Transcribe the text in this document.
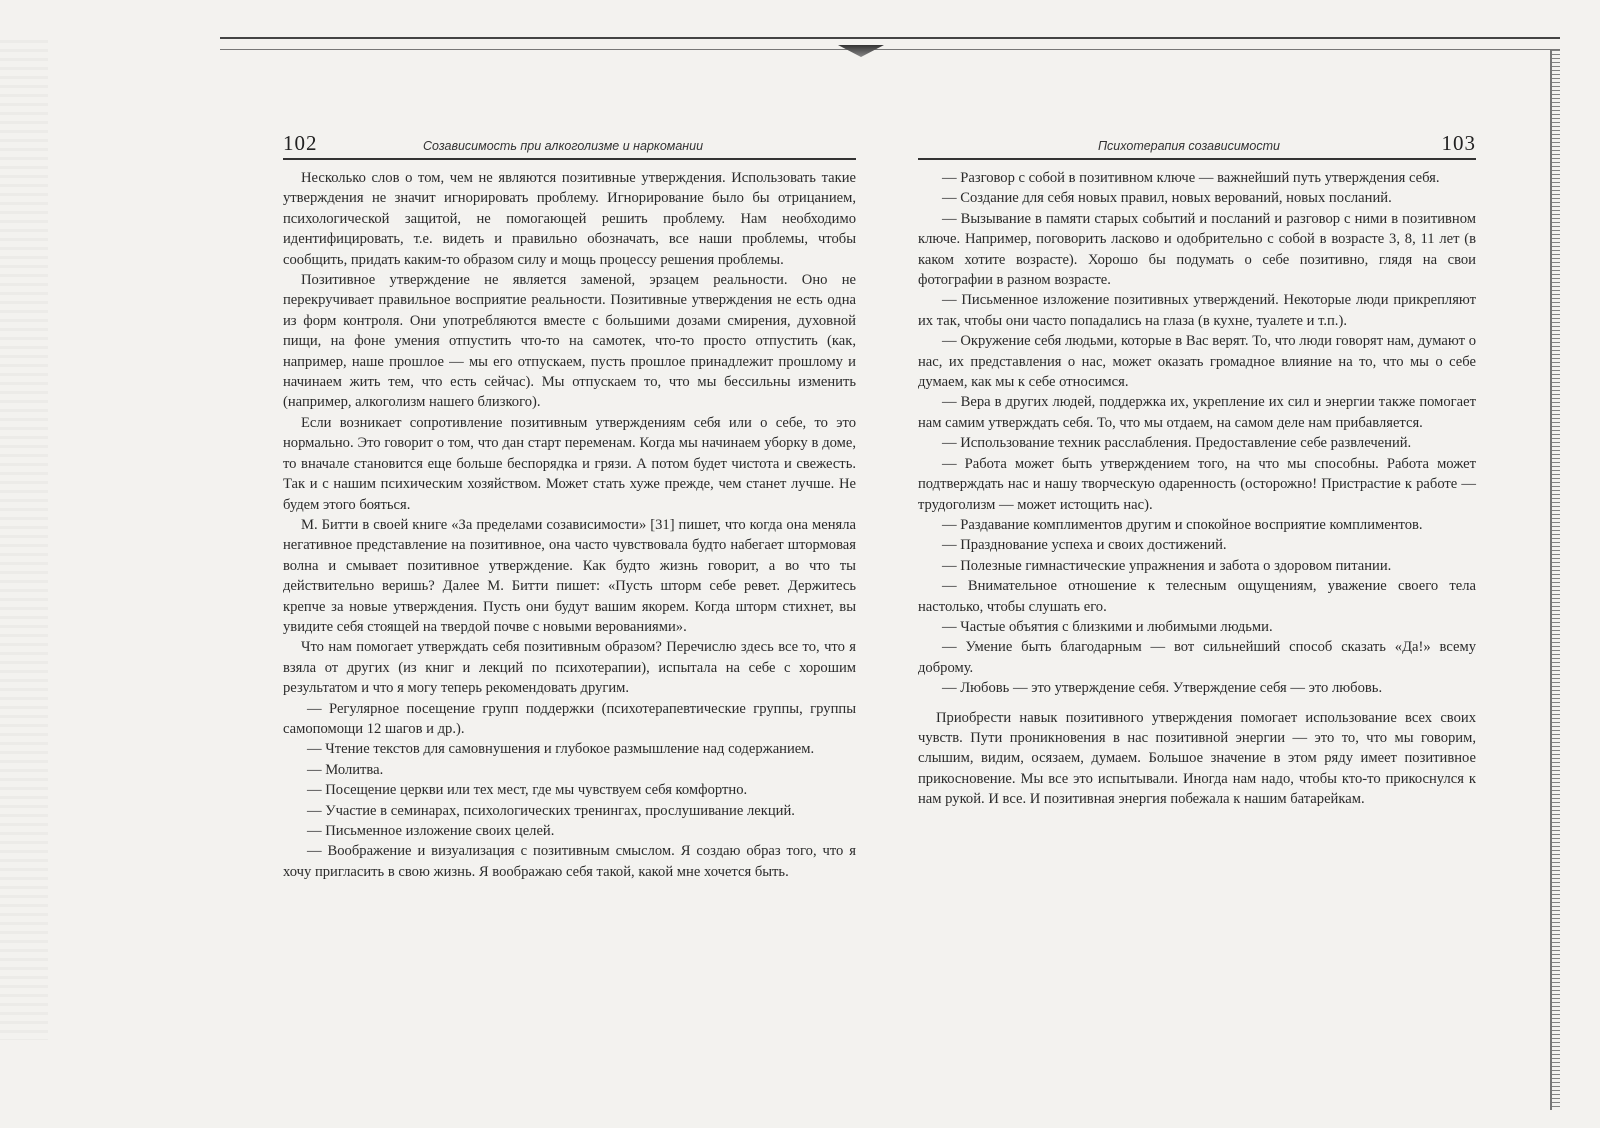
102	Созависимость при алкоголизме и наркомании

Несколько слов о том, чем не являются позитивные утверждения. Использовать такие утверждения не значит игнорировать проблему. Игнорирование было бы отрицанием, психологической защитой, не помогающей решить проблему. Нам необходимо идентифицировать, т.е. видеть и правильно обозначать, все наши проблемы, чтобы сообщить, придать каким-то образом силу и мощь процессу решения проблемы.

Позитивное утверждение не является заменой, эрзацем реальности. Оно не перекручивает правильное восприятие реальности. Позитивные утверждения не есть одна из форм контроля. Они употребляются вместе с большими дозами смирения, духовной пищи, на фоне умения отпустить что-то на самотек, что-то просто отпустить (как, например, наше прошлое — мы его отпускаем, пусть прошлое принадлежит прошлому и начинаем жить тем, что есть сейчас). Мы отпускаем то, что мы бессильны изменить (например, алкоголизм нашего близкого).

Если возникает сопротивление позитивным утверждениям себя или о себе, то это нормально. Это говорит о том, что дан старт переменам. Когда мы начинаем уборку в доме, то вначале становится еще больше беспорядка и грязи. А потом будет чистота и свежесть. Так и с нашим психическим хозяйством. Может стать хуже прежде, чем станет лучше. Не будем этого бояться.

М. Битти в своей книге «За пределами созависимости» [31] пишет, что когда она меняла негативное представление на позитивное, она часто чувствовала будто набегает штормовая волна и смывает позитивное утверждение. Как будто жизнь говорит, а во что ты действительно веришь? Далее М. Битти пишет: «Пусть шторм себе ревет. Держитесь крепче за новые утверждения. Пусть они будут вашим якорем. Когда шторм стихнет, вы увидите себя стоящей на твердой почве с новыми верованиями».

Что нам помогает утверждать себя позитивным образом? Перечислю здесь все то, что я взяла от других (из книг и лекций по психотерапии), испытала на себе с хорошим результатом и что я могу теперь рекомендовать другим.

— Регулярное посещение групп поддержки (психотерапевтические группы, группы самопомощи 12 шагов и др.).

— Чтение текстов для самовнушения и глубокое размышление над содержанием.

— Молитва.

— Посещение церкви или тех мест, где мы чувствуем себя комфортно.

— Участие в семинарах, психологических тренингах, прослушивание лекций.

— Письменное изложение своих целей.

— Воображение и визуализация с позитивным смыслом. Я создаю образ того, что я хочу пригласить в свою жизнь. Я воображаю себя такой, какой мне хочется быть.

Психотерапия созависимости	103

— Разговор с собой в позитивном ключе — важнейший путь утверждения себя.

— Создание для себя новых правил, новых верований, новых посланий.

— Вызывание в памяти старых событий и посланий и разговор с ними в позитивном ключе. Например, поговорить ласково и одобрительно с собой в возрасте 3, 8, 11 лет (в каком хотите возрасте). Хорошо бы подумать о себе позитивно, глядя на свои фотографии в разном возрасте.

— Письменное изложение позитивных утверждений. Некоторые люди прикрепляют их так, чтобы они часто попадались на глаза (в кухне, туалете и т.п.).

— Окружение себя людьми, которые в Вас верят. То, что люди говорят нам, думают о нас, их представления о нас, может оказать громадное влияние на то, что мы о себе думаем, как мы к себе относимся.

— Вера в других людей, поддержка их, укрепление их сил и энергии также помогает нам самим утверждать себя. То, что мы отдаем, на самом деле нам прибавляется.

— Использование техник расслабления. Предоставление себе развлечений.

— Работа может быть утверждением того, на что мы способны. Работа может подтверждать нас и нашу творческую одаренность (осторожно! Пристрастие к работе — трудоголизм — может истощить нас).

— Раздавание комплиментов другим и спокойное восприятие комплиментов.

— Празднование успеха и своих достижений.

— Полезные гимнастические упражнения и забота о здоровом питании.

— Внимательное отношение к телесным ощущениям, уважение своего тела настолько, чтобы слушать его.

— Частые объятия с близкими и любимыми людьми.

— Умение быть благодарным — вот сильнейший способ сказать «Да!» всему доброму.

— Любовь — это утверждение себя. Утверждение себя — это любовь.

Приобрести навык позитивного утверждения помогает использование всех своих чувств. Пути проникновения в нас позитивной энергии — это то, что мы говорим, слышим, видим, осязаем, думаем. Большое значение в этом ряду имеет позитивное прикосновение. Мы все это испытывали. Иногда нам надо, чтобы кто-то прикоснулся к нам рукой. И все. И позитивная энергия побежала к нашим батарейкам.
